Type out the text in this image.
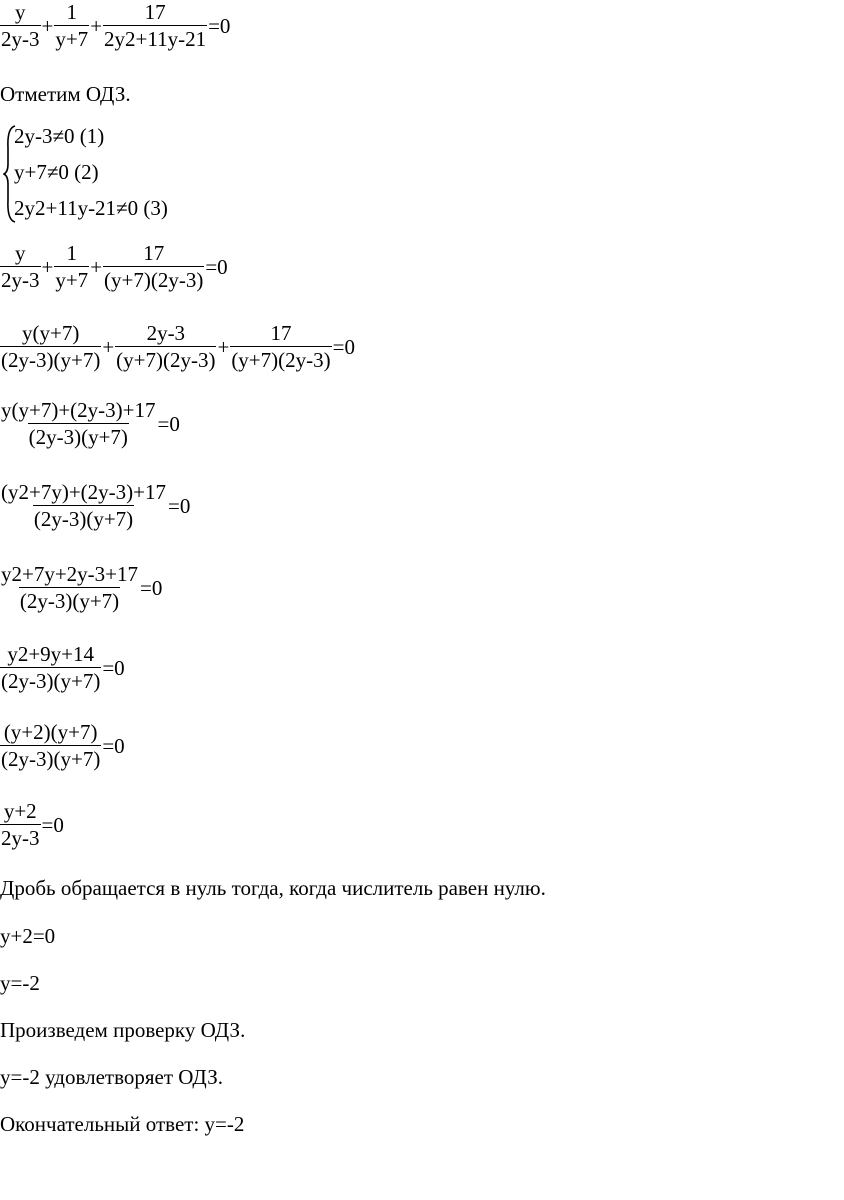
$\frac{y}{2y-3} + \frac{1}{y+7} + \frac{17}{2y2+11y-21} =0$
Отметим ОДЗ.
2y-3≠0 (1)
y+7≠0 (2)
2y2+11y-21≠0 (3)
$\frac{y}{2y-3} + \frac{1}{y+7} + \frac{17}{(y+7)(2y-3)} =0$
$\frac{y(y+7)}{(2y-3)(y+7)} + \frac{2y-3}{(y+7)(2y-3)} + \frac{17}{(y+7)(2y-3)} =0$
$\frac{y(y+7)+(2y-3)+17}{(2y-3)(y+7)} =0$
$\frac{(y2+7y)+(2y-3)+17}{(2y-3)(y+7)} =0$
$\frac{y2+7y+2y-3+17}{(2y-3)(y+7)} =0$
$\frac{y2+9y+14}{(2y-3)(y+7)} =0$
$\frac{(y+2)(y+7)}{(2y-3)(y+7)} =0$
$\frac{y+2}{2y-3} =0$
Дробь обращается в нуль тогда, когда числитель равен нулю.
y+2=0
y=-2
Произведем проверку ОДЗ.
y=-2 удовлетворяет ОДЗ.
Окончательный ответ: y=-2
